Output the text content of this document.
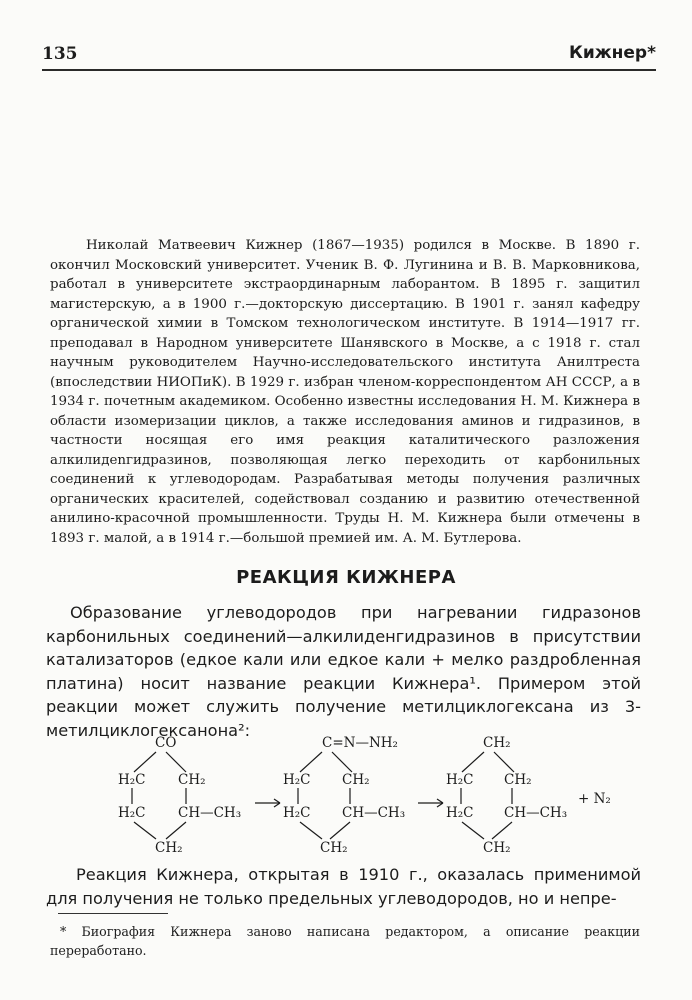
135	Кижнер*

Николай Матвеевич Кижнер (1867—1935) родился в Москве. В 1890 г. окончил Московский университет. Ученик В. Ф. Лугинина и В. В. Марковникова, работал в университете экстраординарным лаборантом. В 1895 г. защитил магистерскую, а в 1900 г.—докторскую диссертацию. В 1901 г. занял кафедру органической химии в Томском технологическом институте. В 1914—1917 гг. преподавал в Народном университете Шанявского в Москве, а с 1918 г. стал научным руководителем Научно-исследовательского института Анилтреста (впоследствии НИОПиК). В 1929 г. избран членом-корреспондентом АН СССР, а в 1934 г. почетным академиком. Особенно известны исследования Н. М. Кижнера в области изомеризации циклов, а также исследования аминов и гидразинов, в частности носящая его имя реакция каталитического разложения алкилидenгидразинов, позволяющая легко переходить от карбонильных соединений к углеводородам. Разрабатывая методы получения различных органических красителей, содействовал созданию и развитию отечественной анилино-красочной промышленности. Труды Н. М. Кижнера были отмечены в 1893 г. малой, а в 1914 г.—большой премией им. А. М. Бутлерова.

РЕАКЦИЯ КИЖНЕРА

Образование углеводородов при нагревании гидразонов карбонильных соединений—алкилиденгидразинов в присутствии катализаторов (едкое кали или едкое кали + мелко раздробленная платина) носит название реакции Кижнера¹. Примером этой реакции может служить получение метилциклогексана из 3-метилциклогексанона²:

CO
H₂C CH₂
H₂C CH—CH₃
CH₂
C=N—NH₂
H₂C CH₂
H₂C CH—CH₃
CH₂
CH₂
H₂C CH₂
H₂C CH—CH₃
CH₂
+ N₂

Реакция Кижнера, открытая в 1910 г., оказалась применимой для получения не только предельных углеводородов, но и непре-

* Биография Кижнера заново написана редактором, а описание реакции переработано.
